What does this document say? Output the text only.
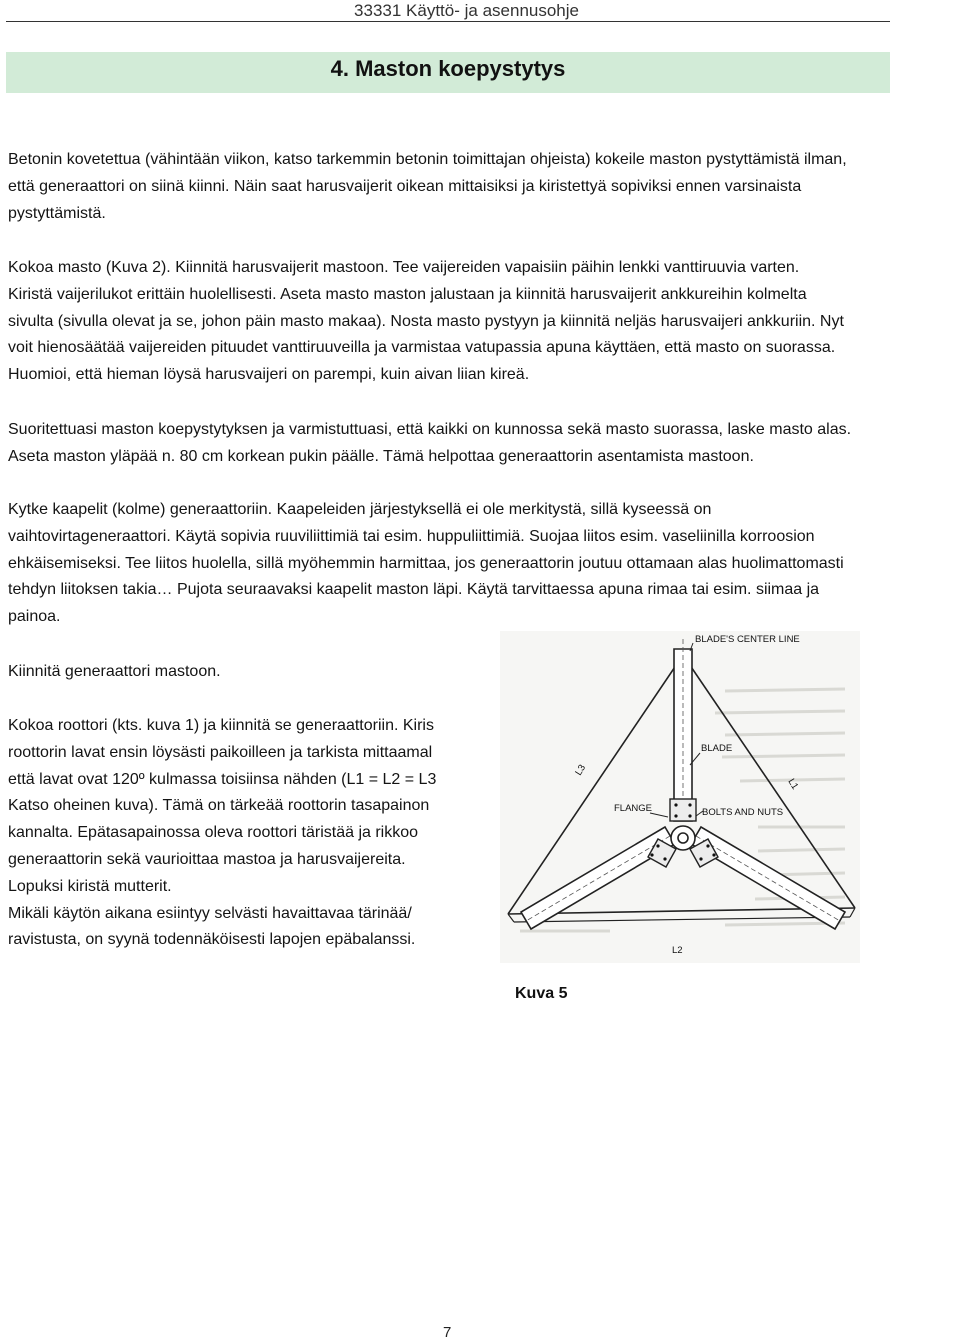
33331 Käyttö- ja asennusohje
4. Maston koepystytys

Betonin kovetettua (vähintään viikon, katso tarkemmin betonin toimittajan ohjeista) kokeile maston pystyttämistä ilman,
että generaattori on siinä kiinni. Näin saat harusvaijerit oikean mittaisiksi ja kiristettyä sopiviksi ennen varsinaista
pystyttämistä.

Kokoa masto (Kuva 2). Kiinnitä harusvaijerit mastoon. Tee vaijereiden vapaisiin päihin lenkki vanttiruuvia varten.
Kiristä vaijerilukot erittäin huolellisesti. Aseta masto maston jalustaan ja kiinnitä harusvaijerit ankkureihin kolmelta
sivulta (sivulla olevat ja se, johon päin masto makaa). Nosta masto pystyyn ja kiinnitä neljäs harusvaijeri ankkuriin. Nyt
voit hienosäätää vaijereiden pituudet vanttiruuveilla ja varmistaa vatupassia apuna käyttäen, että masto on suorassa.
Huomioi, että hieman löysä harusvaijeri on parempi, kuin aivan liian kireä.

Suoritettuasi maston koepystytyksen ja varmistuttuasi, että kaikki on kunnossa sekä masto suorassa, laske masto alas.
Aseta maston yläpää n. 80 cm korkean pukin päälle. Tämä helpottaa generaattorin asentamista mastoon.

Kytke kaapelit (kolme) generaattoriin. Kaapeleiden järjestyksellä ei ole merkitystä, sillä kyseessä on
vaihtovirtageneraattori. Käytä sopivia ruuviliittimiä tai esim. huppuliittimiä. Suojaa liitos esim. vaseliinilla korroosion
ehkäisemiseksi. Tee liitos huolella, sillä myöhemmin harmittaa, jos generaattorin joutuu ottamaan alas huolimattomasti
tehdyn liitoksen takia… Pujota seuraavaksi kaapelit maston läpi. Käytä tarvittaessa apuna rimaa tai esim. siimaa ja
painoa.

Kiinnitä generaattori mastoon.

Kokoa roottori (kts. kuva 1) ja kiinnitä se generaattoriin. Kiris
roottorin lavat ensin löysästi paikoilleen ja tarkista mittaamal
että lavat ovat 120º kulmassa toisiinsa nähden (L1 = L2 = L3
Katso oheinen kuva). Tämä on tärkeää roottorin tasapainon
kannalta. Epätasapainossa oleva roottori täristää ja rikkoo
generaattorin sekä vaurioittaa mastoa ja harusvaijereita.
Lopuksi kiristä mutterit.
Mikäli käytön aikana esiintyy selvästi havaittavaa tärinää/
ravistusta, on syynä todennäköisesti lapojen epäbalanssi.

BLADE'S CENTER LINE
BLADE
FLANGE	BOLTS AND NUTS
L1
L2
L3
Kuva 5
7
